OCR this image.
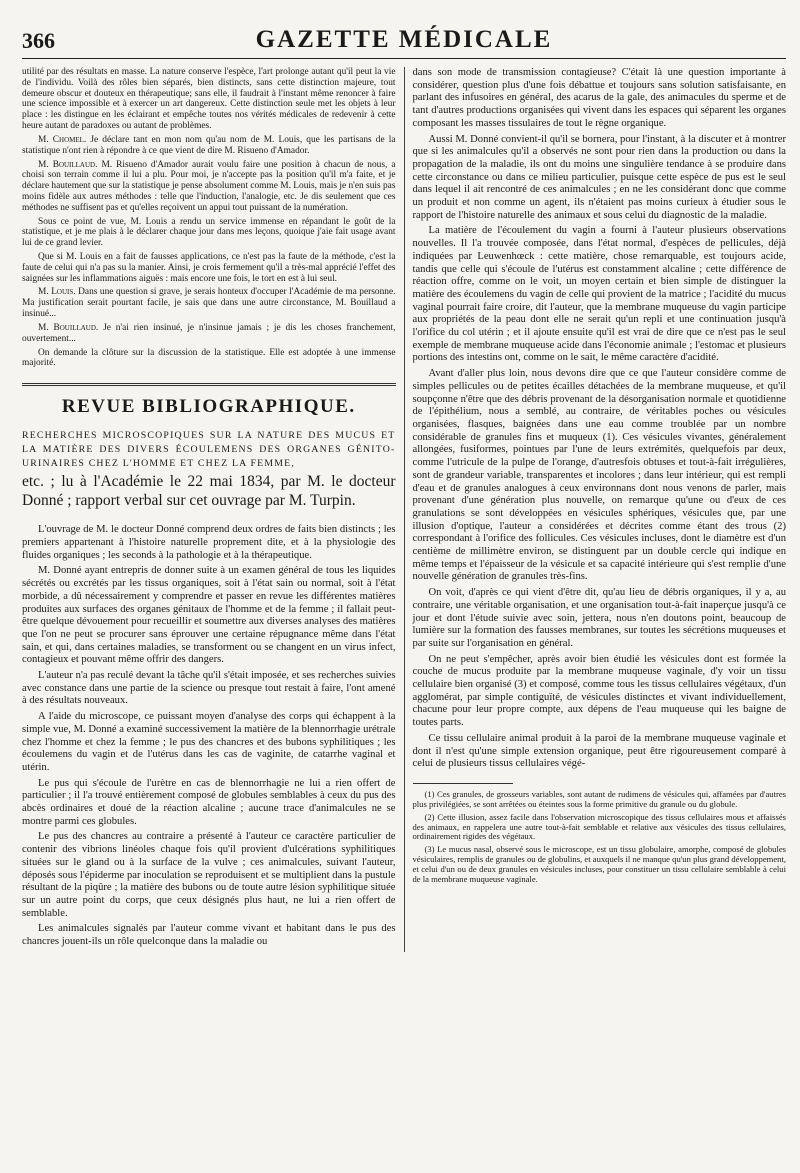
366	GAZETTE MÉDICALE

utilité par des résultats en masse. La nature conserve l'espèce, l'art prolonge autant qu'il peut la vie de l'individu. Voilà des rôles bien séparés, bien distincts, sans cette distinction majeure, tout demeure obscur et douteux en thérapeutique; sans elle, il faudrait à l'instant même renoncer à faire une science impossible et à exercer un art dangereux. Cette distinction seule met les objets à leur place : les distingue en les éclairant et empêche toutes nos vérités médicales de redevenir à cette heure autant de paradoxes ou autant de problèmes.

M. Chomel. Je déclare tant en mon nom qu'au nom de M. Louis, que les partisans de la statistique n'ont rien à répondre à ce que vient de dire M. Risueno d'Amador.

M. Bouillaud. M. Risueno d'Amador aurait voulu faire une position à chacun de nous, a choisi son terrain comme il lui a plu. Pour moi, je n'accepte pas la position qu'il m'a faite, et je déclare hautement que sur la statistique je pense absolument comme M. Louis, mais je n'en suis pas moins fidèle aux autres méthodes : telle que l'induction, l'analogie, etc. Je dis seulement que ces méthodes ne suffisent pas et qu'elles reçoivent un appui tout puissant de la numération.

Sous ce point de vue, M. Louis a rendu un service immense en répandant le goût de la statistique, et je me plais à le déclarer chaque jour dans mes leçons, quoique j'aie fait usage avant lui de ce grand levier.

Que si M. Louis en a fait de fausses applications, ce n'est pas la faute de la méthode, c'est la faute de celui qui n'a pas su la manier. Ainsi, je crois fermement qu'il a très-mal apprécié l'effet des saignées sur les inflammations aiguës : mais encore une fois, le tort en est à lui seul.

M. Louis. Dans une question si grave, je serais honteux d'occuper l'Académie de ma personne. Ma justification serait pourtant facile, je sais que dans une autre circonstance, M. Bouillaud a insinué...

M. Bouillaud. Je n'ai rien insinué, je n'insinue jamais ; je dis les choses franchement, ouvertement...

On demande la clôture sur la discussion de la statistique. Elle est adoptée à une immense majorité.

REVUE BIBLIOGRAPHIQUE.

RECHERCHES MICROSCOPIQUES SUR LA NATURE DES MUCUS ET LA MATIÈRE DES DIVERS ÉCOULEMENS DES ORGANES GÉNITO-URINAIRES CHEZ L'HOMME ET CHEZ LA FEMME,

etc. ; lu à l'Académie le 22 mai 1834, par M. le docteur Donné ; rapport verbal sur cet ouvrage par M. Turpin.

L'ouvrage de M. le docteur Donné comprend deux ordres de faits bien distincts ; les premiers appartenant à l'histoire naturelle proprement dite, et à la physiologie des fluides organiques ; les seconds à la pathologie et à la thérapeutique.

M. Donné ayant entrepris de donner suite à un examen général de tous les liquides sécrétés ou excrétés par les tissus organiques, soit à l'état sain ou normal, soit à l'état morbide, a dû nécessairement y comprendre et passer en revue les différentes matières produites aux surfaces des organes génitaux de l'homme et de la femme ; il fallait peut-être quelque dévouement pour recueillir et soumettre aux diverses analyses des matières que l'on ne peut se procurer sans éprouver une certaine répugnance même dans l'état sain, et qui, dans certaines maladies, se transforment ou se changent en un virus infect, contagieux et pouvant même offrir des dangers.

L'auteur n'a pas reculé devant la tâche qu'il s'était imposée, et ses recherches suivies avec constance dans une partie de la science ou presque tout restait à faire, l'ont amené à des résultats nouveaux.

A l'aide du microscope, ce puissant moyen d'analyse des corps qui échappent à la simple vue, M. Donné a examiné successivement la matière de la blennorrhagie urétrale chez l'homme et chez la femme ; le pus des chancres et des bubons syphilitiques ; les écoulemens du vagin et de l'utérus dans les cas de vaginite, de catarrhe vaginal et utérin.

Le pus qui s'écoule de l'urètre en cas de blennorrhagie ne lui a rien offert de particulier ; il l'a trouvé entièrement composé de globules semblables à ceux du pus des abcès ordinaires et doué de la réaction alcaline ; aucune trace d'animalcules ne se montre parmi ces globules.

Le pus des chancres au contraire a présenté à l'auteur ce caractère particulier de contenir des vibrions linéoles chaque fois qu'il provient d'ulcérations syphilitiques situées sur le gland ou à la surface de la vulve ; ces animalcules, suivant l'auteur, déposés sous l'épiderme par inoculation se reproduisent et se multiplient dans la pustule résultant de la piqûre ; la matière des bubons ou de toute autre lésion syphilitique située sur un autre point du corps, que ceux désignés plus haut, ne lui a rien offert de semblable.

Les animalcules signalés par l'auteur comme vivant et habitant dans le pus des chancres jouent-ils un rôle quelconque dans la maladie ou

dans son mode de transmission contagieuse? C'était là une question importante à considérer, question plus d'une fois débattue et toujours sans solution satisfaisante, en parlant des infusoires en général, des acarus de la gale, des animacules du sperme et de tant d'autres productions organisées qui vivent dans les espaces qui séparent les organes composant les masses tissulaires de tout le règne organique.

Aussi M. Donné convient-il qu'il se bornera, pour l'instant, à la discuter et à montrer que si les animalcules qu'il a observés ne sont pour rien dans la production ou dans la propagation de la maladie, ils ont du moins une singulière tendance à se produire dans cette circonstance ou dans ce milieu particulier, puisque cette espèce de pus est le seul dans lequel il ait rencontré de ces animalcules ; en ne les considérant donc que comme un produit et non comme un agent, ils n'étaient pas moins curieux à étudier sous le rapport de l'histoire naturelle des animaux et sous celui du diagnostic de la maladie.

La matière de l'écoulement du vagin a fourni à l'auteur plusieurs observations nouvelles. Il l'a trouvée composée, dans l'état normal, d'espèces de pellicules, déjà indiquées par Leuwenhœck : cette matière, chose remarquable, est toujours acide, tandis que celle qui s'écoule de l'utérus est constamment alcaline ; cette différence de réaction offre, comme on le voit, un moyen certain et bien simple de distinguer la matière des écoulemens du vagin de celle qui provient de la matrice ; l'acidité du mucus vaginal pourrait faire croire, dit l'auteur, que la membrane muqueuse du vagin participe aux propriétés de la peau dont elle ne serait qu'un repli et une continuation jusqu'à l'orifice du col utérin ; et il ajoute ensuite qu'il est vrai de dire que ce n'est pas le seul exemple de membrane muqueuse acide dans l'économie animale ; l'estomac et plusieurs portions des intestins ont, comme on le sait, le même caractère d'acidité.

Avant d'aller plus loin, nous devons dire que ce que l'auteur considère comme de simples pellicules ou de petites écailles détachées de la membrane muqueuse, et qu'il soupçonne n'être que des débris provenant de la désorganisation normale et quotidienne de l'épithélium, nous a semblé, au contraire, de véritables poches ou vésicules organisées, flasques, baignées dans une eau comme troublée par un nombre considérable de granules fins et muqueux (1). Ces vésicules vivantes, généralement allongées, fusiformes, pointues par l'une de leurs extrémités, quelquefois par deux, comme l'utricule de la pulpe de l'orange, d'autresfois obtuses et tout-à-fait irrégulières, sont de grandeur variable, transparentes et incolores ; dans leur intérieur, qui est rempli d'eau et de granules analogues à ceux environnans dont nous venons de parler, mais provenant d'une génération plus nouvelle, on remarque qu'une ou d'eux de ces granulations se sont développées en vésicules sphériques, vésicules que, par une illusion d'optique, l'auteur a considérées et décrites comme étant des trous (2) correspondant à l'orifice des follicules. Ces vésicules incluses, dont le diamètre est d'un centième de millimètre environ, se distinguent par un double cercle qui indique en même temps et l'épaisseur de la vésicule et sa capacité intérieure qui s'est remplie d'une nouvelle génération de granules très-fins.

On voit, d'après ce qui vient d'être dit, qu'au lieu de débris organiques, il y a, au contraire, une véritable organisation, et une organisation tout-à-fait inaperçue jusqu'à ce jour et dont l'étude suivie avec soin, jettera, nous n'en doutons point, beaucoup de lumière sur la formation des fausses membranes, sur toutes les sécrétions muqueuses et par suite sur l'organisation en général.

On ne peut s'empêcher, après avoir bien étudié les vésicules dont est formée la couche de mucus produite par la membrane muqueuse vaginale, d'y voir un tissu cellulaire bien organisé (3) et composé, comme tous les tissus cellulaires végétaux, d'un agglomérat, par simple contiguïté, de vésicules distinctes et vivant individuellement, chacune pour leur propre compte, aux dépens de l'eau muqueuse qui les baigne de toutes parts.

Ce tissu cellulaire animal produit à la paroi de la membrane muqueuse vaginale et dont il n'est qu'une simple extension organique, peut être rigoureusement comparé à celui de plusieurs tissus cellulaires végé-

(1) Ces granules, de grosseurs variables, sont autant de rudimens de vésicules qui, affamées par d'autres plus privilégiées, se sont arrêtées ou éteintes sous la forme primitive du granule ou du globule.

(2) Cette illusion, assez facile dans l'observation microscopique des tissus cellulaires mous et affaissés des animaux, en rappelera une autre tout-à-fait semblable et relative aux vésicules des tissus cellulaires, ordinairement rigides des végétaux.

(3) Le mucus nasal, observé sous le microscope, est un tissu globulaire, amorphe, composé de globules vésiculaires, remplis de granules ou de globulins, et auxquels il ne manque qu'un plus grand développement, et celui d'un ou de deux granules en vésicules incluses, pour constituer un tissu cellulaire semblable à celui de la membrane muqueuse vaginale.
